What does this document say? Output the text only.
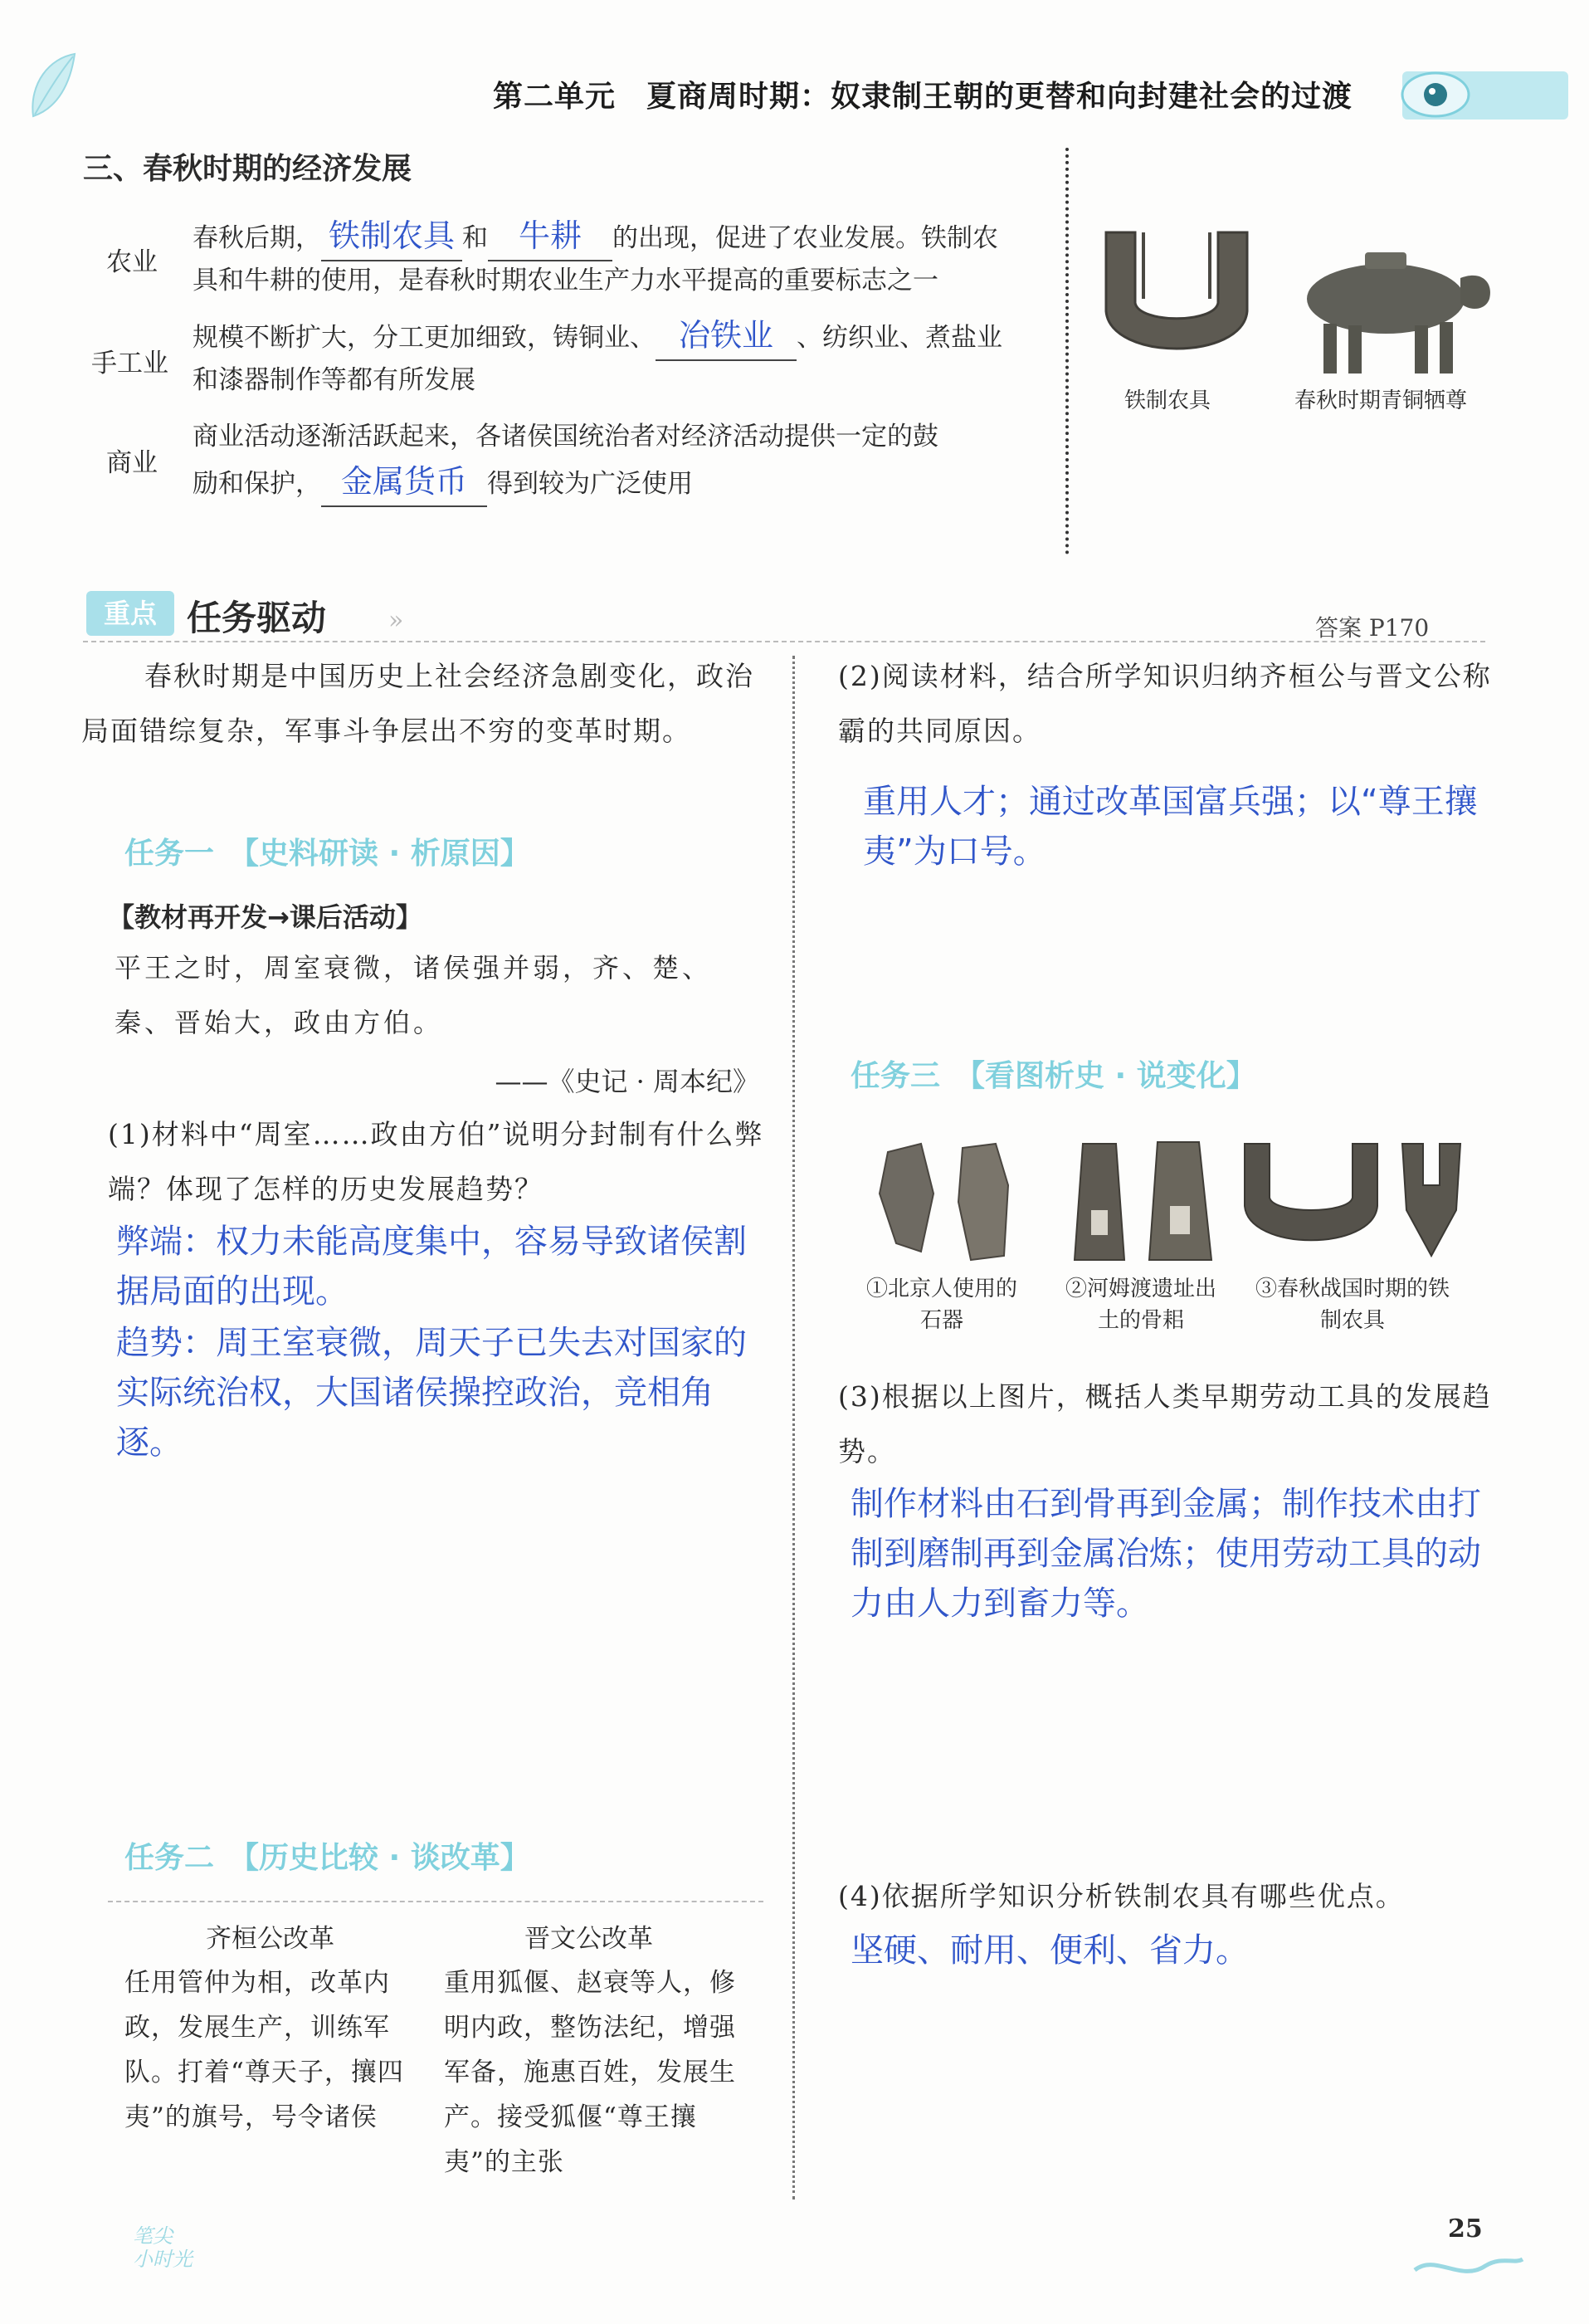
第二单元　夏商周时期：奴隶制王朝的更替和向封建社会的过渡
三、春秋时期的经济发展
农业
春秋后期， 铁制农具 和 牛耕 的出现，促进了农业发展。铁制农
具和牛耕的使用，是春秋时期农业生产力水平提高的重要标志之一
手工业
规模不断扩大，分工更加细致，铸铜业、 冶铁业 、纺织业、煮盐业
和漆器制作等都有所发展
商业
商业活动逐渐活跃起来，各诸侯国统治者对经济活动提供一定的鼓
励和保护， 金属货币 得到较为广泛使用
铁制农具	春秋时期青铜牺尊
重点 任务驱动 »	答案 P170
春秋时期是中国历史上社会经济急剧变化，政治局面错综复杂，军事斗争层出不穷的变革时期。
任务一　【史料研读 · 析原因】
【教材再开发→课后活动】
平王之时，周室衰微，诸侯强并弱，齐、楚、秦、晋始大，政由方伯。
——《史记 · 周本纪》
(1)材料中“周室……政由方伯”说明分封制有什么弊端？体现了怎样的历史发展趋势？
弊端：权力未能高度集中，容易导致诸侯割据局面的出现。
趋势：周王室衰微，周天子已失去对国家的实际统治权，大国诸侯操控政治，竞相角逐。
任务二　【历史比较 · 谈改革】
齐桓公改革	晋文公改革
任用管仲为相，改革内政，发展生产，训练军队。打着“尊天子，攘四夷”的旗号，号令诸侯
重用狐偃、赵衰等人，修明内政，整饬法纪，增强军备，施惠百姓，发展生产。接受狐偃“尊王攘夷”的主张
(2)阅读材料，结合所学知识归纳齐桓公与晋文公称霸的共同原因。
重用人才；通过改革国富兵强；以“尊王攘夷”为口号。
任务三　【看图析史 · 说变化】
①北京人使用的石器
②河姆渡遗址出土的骨耜
③春秋战国时期的铁制农具
(3)根据以上图片，概括人类早期劳动工具的发展趋势。
制作材料由石到骨再到金属；制作技术由打制到磨制再到金属冶炼；使用劳动工具的动力由人力到畜力等。
(4)依据所学知识分析铁制农具有哪些优点。
坚硬、耐用、便利、省力。
笔尖
小时光
25
